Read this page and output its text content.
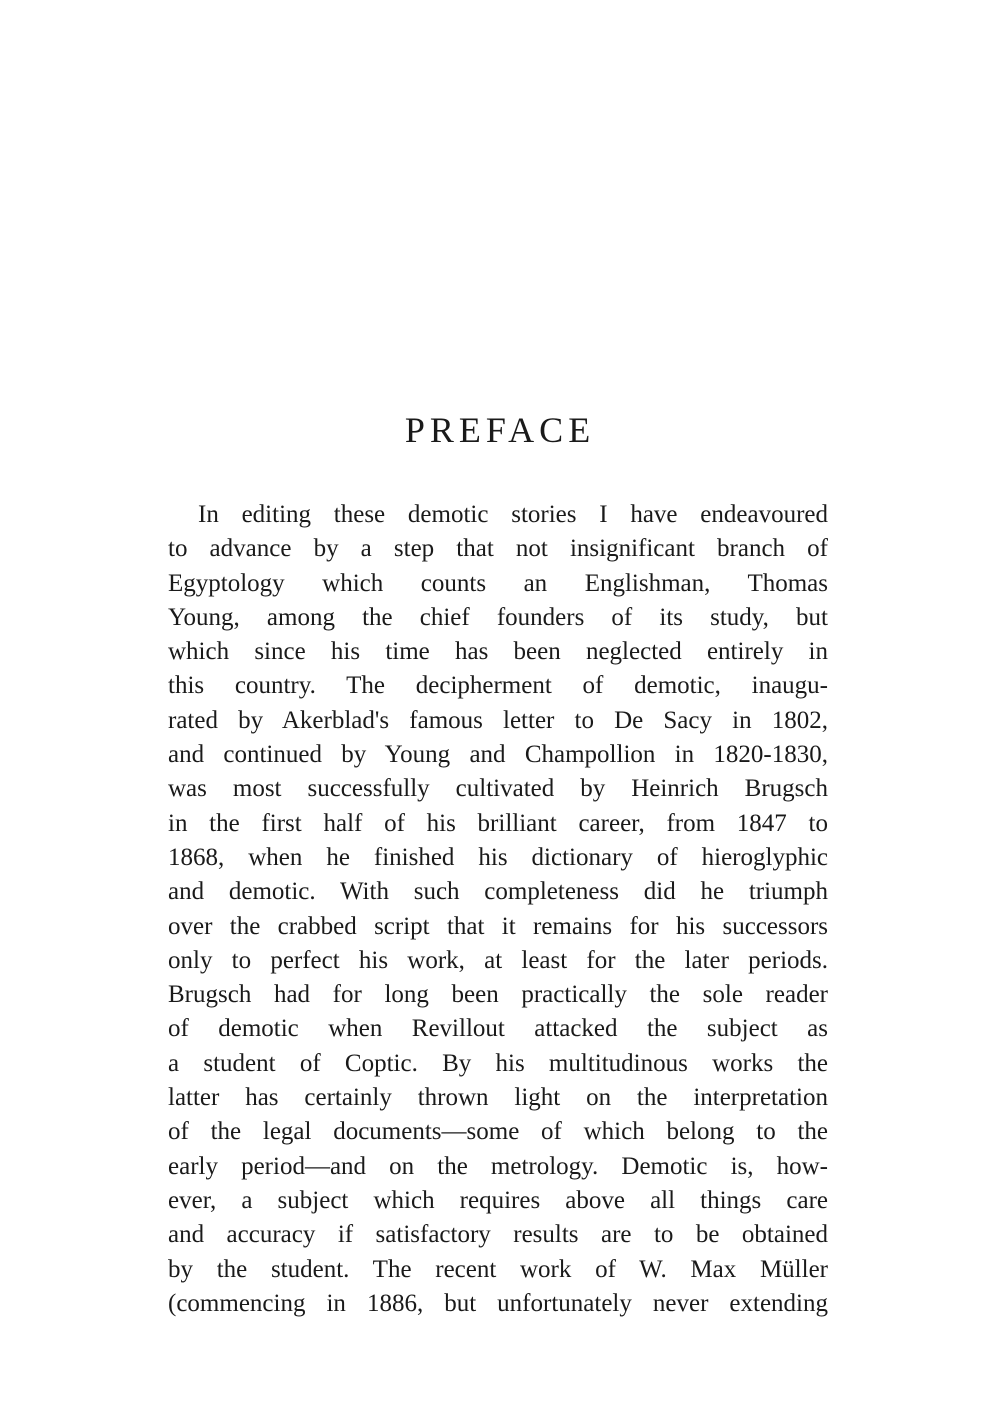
PREFACE
In editing these demotic stories I have endeavoured
to advance by a step that not insignificant branch of
Egyptology which counts an Englishman, Thomas
Young, among the chief founders of its study, but
which since his time has been neglected entirely in
this country. The decipherment of demotic, inaugu-
rated by Akerblad's famous letter to De Sacy in 1802,
and continued by Young and Champollion in 1820-1830,
was most successfully cultivated by Heinrich Brugsch
in the first half of his brilliant career, from 1847 to
1868, when he finished his dictionary of hieroglyphic
and demotic. With such completeness did he triumph
over the crabbed script that it remains for his successors
only to perfect his work, at least for the later periods.
Brugsch had for long been practically the sole reader
of demotic when Revillout attacked the subject as
a student of Coptic. By his multitudinous works the
latter has certainly thrown light on the interpretation
of the legal documents—some of which belong to the
early period—and on the metrology. Demotic is, how-
ever, a subject which requires above all things care
and accuracy if satisfactory results are to be obtained
by the student. The recent work of W. Max Müller
(commencing in 1886, but unfortunately never extending
